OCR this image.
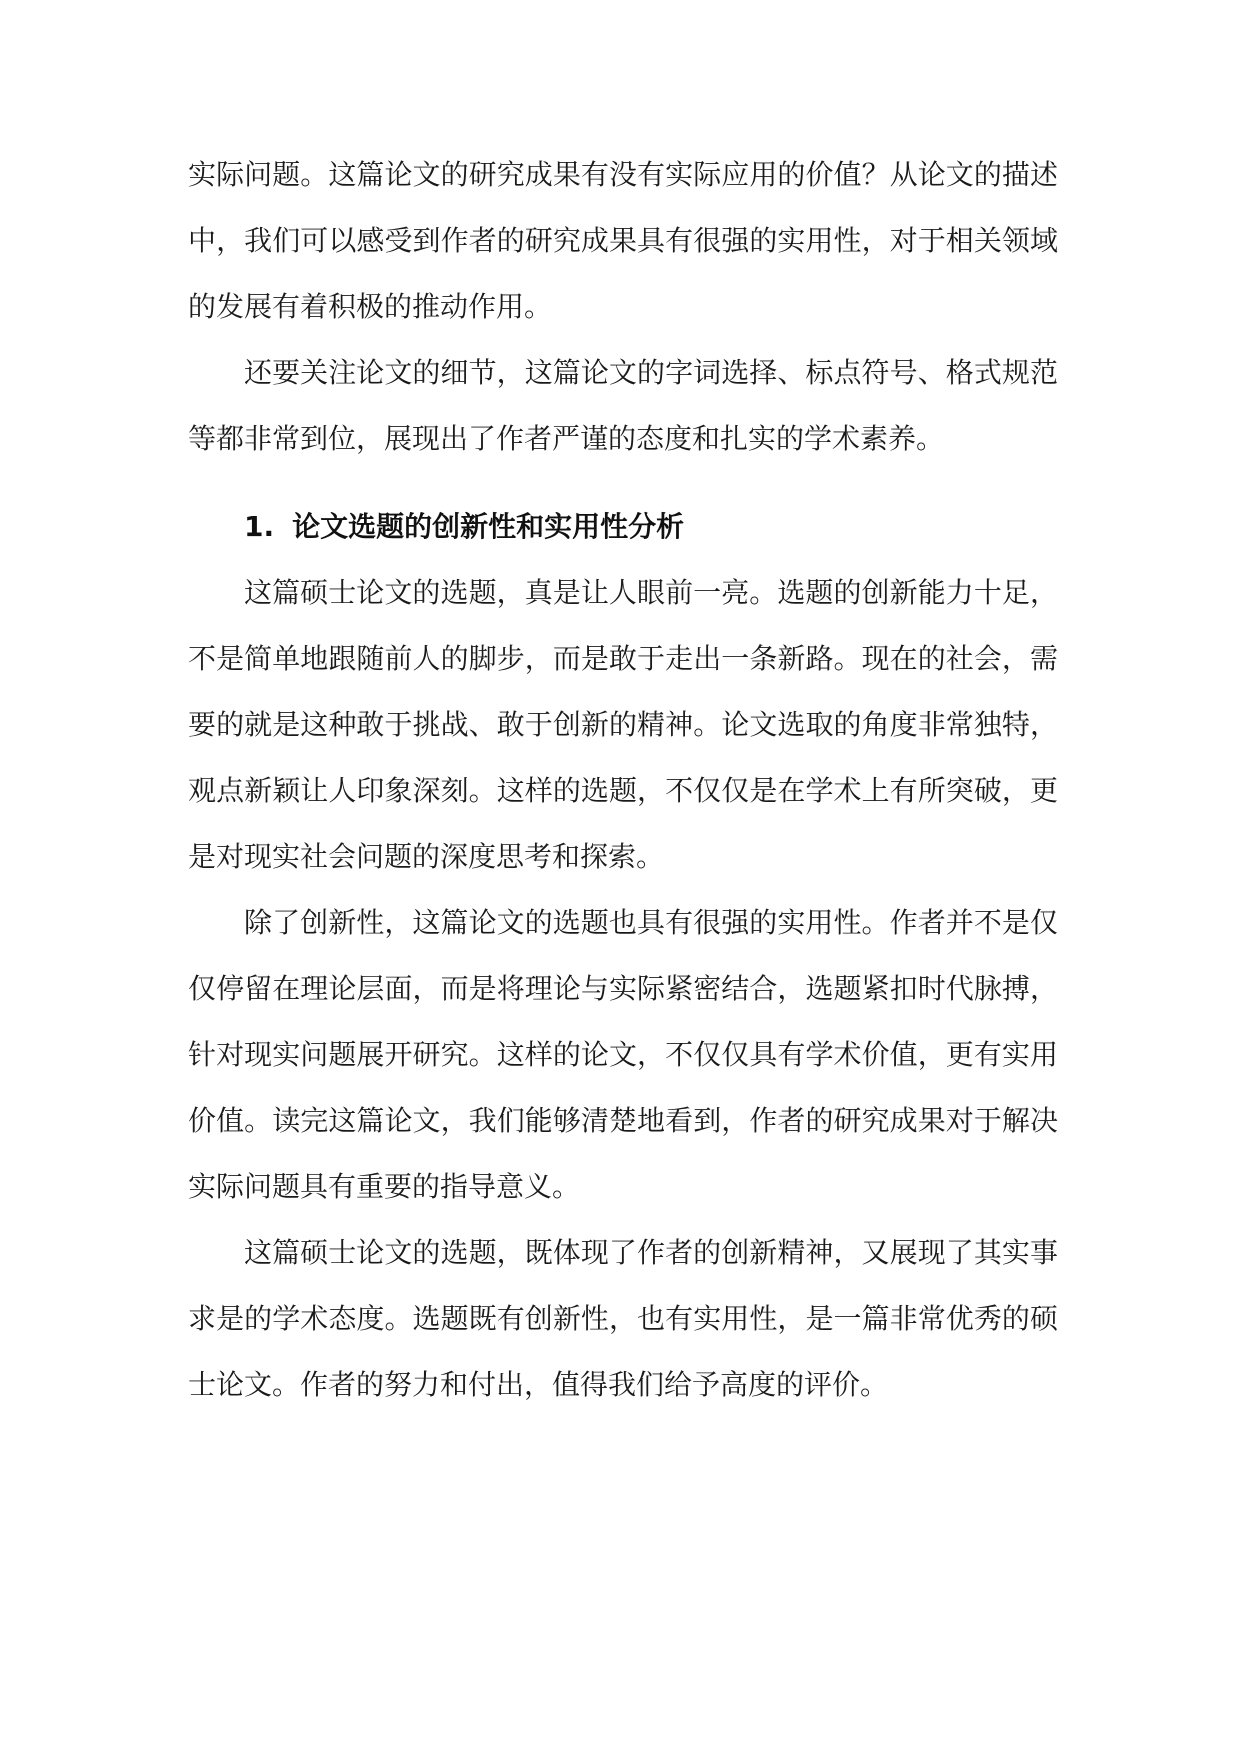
实际问题。这篇论文的研究成果有没有实际应用的价值？从论文的描述中，我们可以感受到作者的研究成果具有很强的实用性，对于相关领域的发展有着积极的推动作用。

还要关注论文的细节，这篇论文的字词选择、标点符号、格式规范等都非常到位，展现出了作者严谨的态度和扎实的学术素养。

1. 论文选题的创新性和实用性分析

这篇硕士论文的选题，真是让人眼前一亮。选题的创新能力十足，不是简单地跟随前人的脚步，而是敢于走出一条新路。现在的社会，需要的就是这种敢于挑战、敢于创新的精神。论文选取的角度非常独特，观点新颖让人印象深刻。这样的选题，不仅仅是在学术上有所突破，更是对现实社会问题的深度思考和探索。

除了创新性，这篇论文的选题也具有很强的实用性。作者并不是仅仅停留在理论层面，而是将理论与实际紧密结合，选题紧扣时代脉搏，针对现实问题展开研究。这样的论文，不仅仅具有学术价值，更有实用价值。读完这篇论文，我们能够清楚地看到，作者的研究成果对于解决实际问题具有重要的指导意义。

这篇硕士论文的选题，既体现了作者的创新精神，又展现了其实事求是的学术态度。选题既有创新性，也有实用性，是一篇非常优秀的硕士论文。作者的努力和付出，值得我们给予高度的评价。
